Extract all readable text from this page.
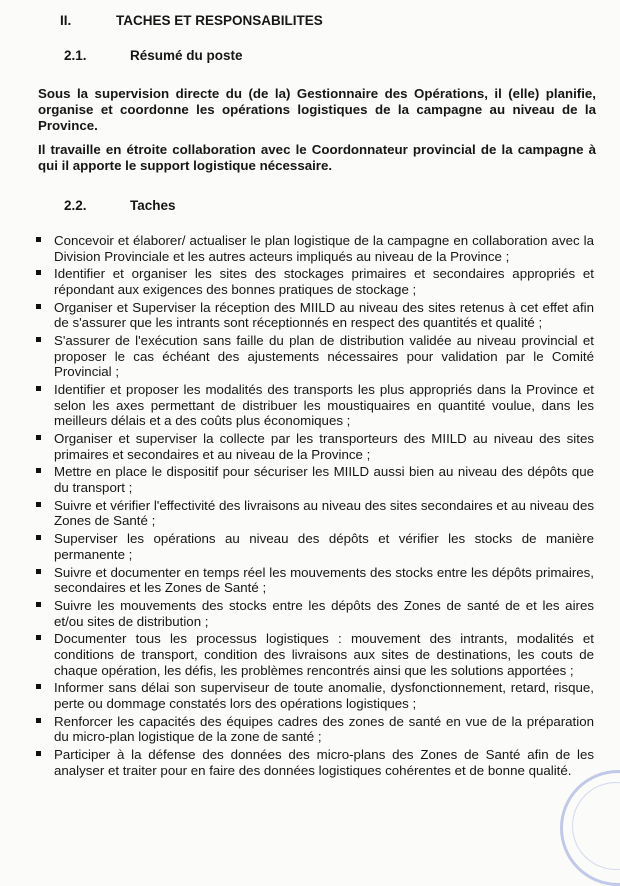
II.	TACHES ET RESPONSABILITES
2.1.	Résumé du poste

Sous la supervision directe du (de la) Gestionnaire des Opérations, il (elle) planifie, organise et coordonne les opérations logistiques de la campagne au niveau de la Province.

Il travaille en étroite collaboration avec le Coordonnateur provincial de la campagne à qui il apporte le support logistique nécessaire.

2.2.	Taches
Concevoir et élaborer/ actualiser le plan logistique de la campagne en collaboration avec la Division Provinciale et les autres acteurs impliqués au niveau de la Province ;
Identifier et organiser les sites des stockages primaires et secondaires appropriés et répondant aux exigences des bonnes pratiques de stockage ;
Organiser et Superviser la réception des MIILD au niveau des sites retenus à cet effet afin de s'assurer que les intrants sont réceptionnés en respect des quantités et qualité ;
S'assurer de l'exécution sans faille du plan de distribution validée au niveau provincial et proposer le cas échéant des ajustements nécessaires pour validation par le Comité Provincial ;
Identifier et proposer les modalités des transports les plus appropriés dans la Province et selon les axes permettant de distribuer les moustiquaires en quantité voulue, dans les meilleurs délais et a des coûts plus économiques ;
Organiser et superviser la collecte par les transporteurs des MIILD au niveau des sites primaires et secondaires et au niveau de la Province ;
Mettre en place le dispositif pour sécuriser les MIILD aussi bien au niveau des dépôts que du transport ;
Suivre et vérifier l'effectivité des livraisons au niveau des sites secondaires et au niveau des Zones de Santé ;
Superviser les opérations au niveau des dépôts et vérifier les stocks de manière permanente ;
Suivre et documenter en temps réel les mouvements des stocks entre les dépôts primaires, secondaires et les Zones de Santé ;
Suivre les mouvements des stocks entre les dépôts des Zones de santé de et les aires et/ou sites de distribution ;
Documenter tous les processus logistiques : mouvement des intrants, modalités et conditions de transport, condition des livraisons aux sites de destinations, les couts de chaque opération, les défis, les problèmes rencontrés ainsi que les solutions apportées ;
Informer sans délai son superviseur de toute anomalie, dysfonctionnement, retard, risque, perte ou dommage constatés lors des opérations logistiques ;
Renforcer les capacités des équipes cadres des zones de santé en vue de la préparation du micro-plan logistique de la zone de santé ;
Participer à la défense des données des micro-plans des Zones de Santé afin de les analyser et traiter pour en faire des données logistiques cohérentes et de bonne qualité.
